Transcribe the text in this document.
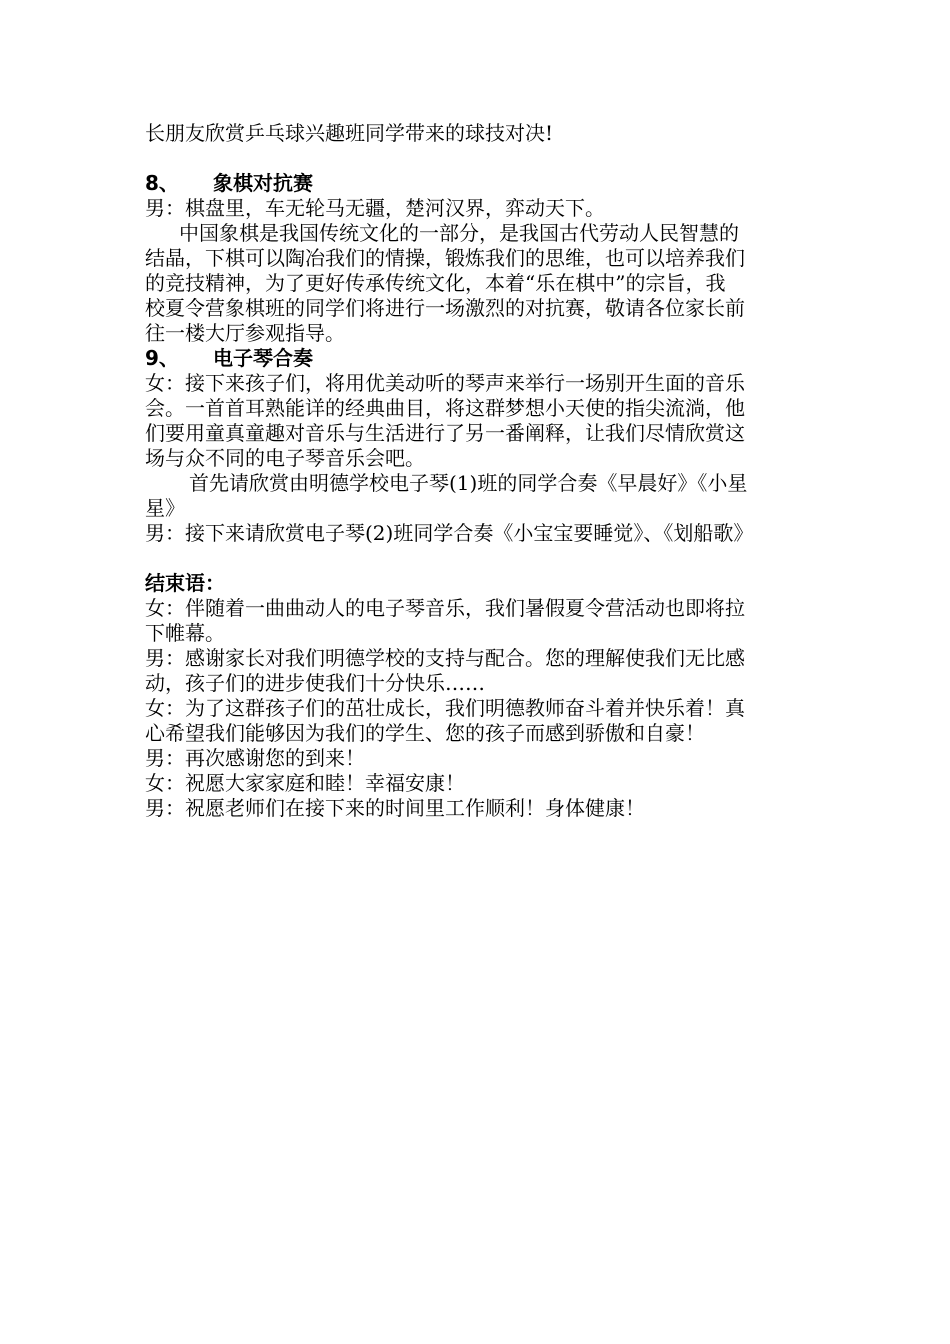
长朋友欣赏乒乓球兴趣班同学带来的球技对决!
8、 象棋对抗赛
男：棋盘里，车无轮马无疆，楚河汉界，弈动天下。
中国象棋是我国传统文化的一部分，是我国古代劳动人民智慧的
结晶，下棋可以陶冶我们的情操，锻炼我们的思维，也可以培养我们
的竞技精神，为了更好传承传统文化，本着“乐在棋中”的宗旨，我
校夏令营象棋班的同学们将进行一场激烈的对抗赛，敬请各位家长前
往一楼大厅参观指导。
9、 电子琴合奏
女：接下来孩子们，将用优美动听的琴声来举行一场别开生面的音乐
会。一首首耳熟能详的经典曲目，将这群梦想小天使的指尖流淌，他
们要用童真童趣对音乐与生活进行了另一番阐释，让我们尽情欣赏这
场与众不同的电子琴音乐会吧。
首先请欣赏由明德学校电子琴(1)班的同学合奏《早晨好》《小星
星》
男：接下来请欣赏电子琴(2)班同学合奏《小宝宝要睡觉》、《划船歌》
结束语：
女：伴随着一曲曲动人的电子琴音乐，我们暑假夏令营活动也即将拉
下帷幕。
男：感谢家长对我们明德学校的支持与配合。您的理解使我们无比感
动，孩子们的进步使我们十分快乐……
女：为了这群孩子们的茁壮成长，我们明德教师奋斗着并快乐着！真
心希望我们能够因为我们的学生、您的孩子而感到骄傲和自豪！
男：再次感谢您的到来！
女：祝愿大家家庭和睦！幸福安康！
男：祝愿老师们在接下来的时间里工作顺利！身体健康！
